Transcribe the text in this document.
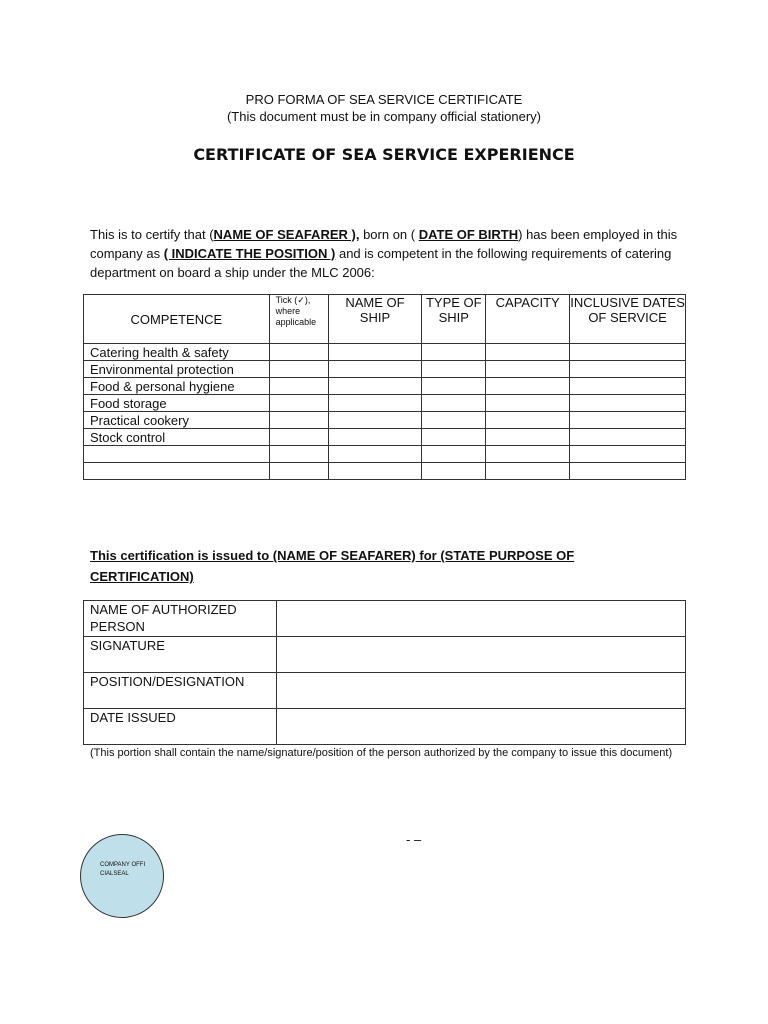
PRO FORMA OF SEA SERVICE CERTIFICATE
(This document must be in company official stationery)
CERTIFICATE OF SEA SERVICE EXPERIENCE
This is to certify that (NAME OF SEAFARER ), born on ( DATE OF BIRTH) has been employed in this company as ( INDICATE THE POSITION ) and is competent in the following requirements of catering department on board a ship under the MLC 2006:
COMPETENCE	Tick (✓), where applicable	NAME OF SHIP	TYPE OF SHIP	CAPACITY	INCLUSIVE DATES OF SERVICE
Catering health & safety					
Environmental protection					
Food & personal hygiene					
Food storage					
Practical cookery					
Stock control					

This certification is issued to (NAME OF SEAFARER) for (STATE PURPOSE OF CERTIFICATION)
NAME OF AUTHORIZED PERSON	
SIGNATURE	
POSITION/DESIGNATION	
DATE ISSUED	
(This portion shall contain the name/signature/position of the person authorized by the company to issue this document)
- –
COMPANY OFFICIALSEAL
